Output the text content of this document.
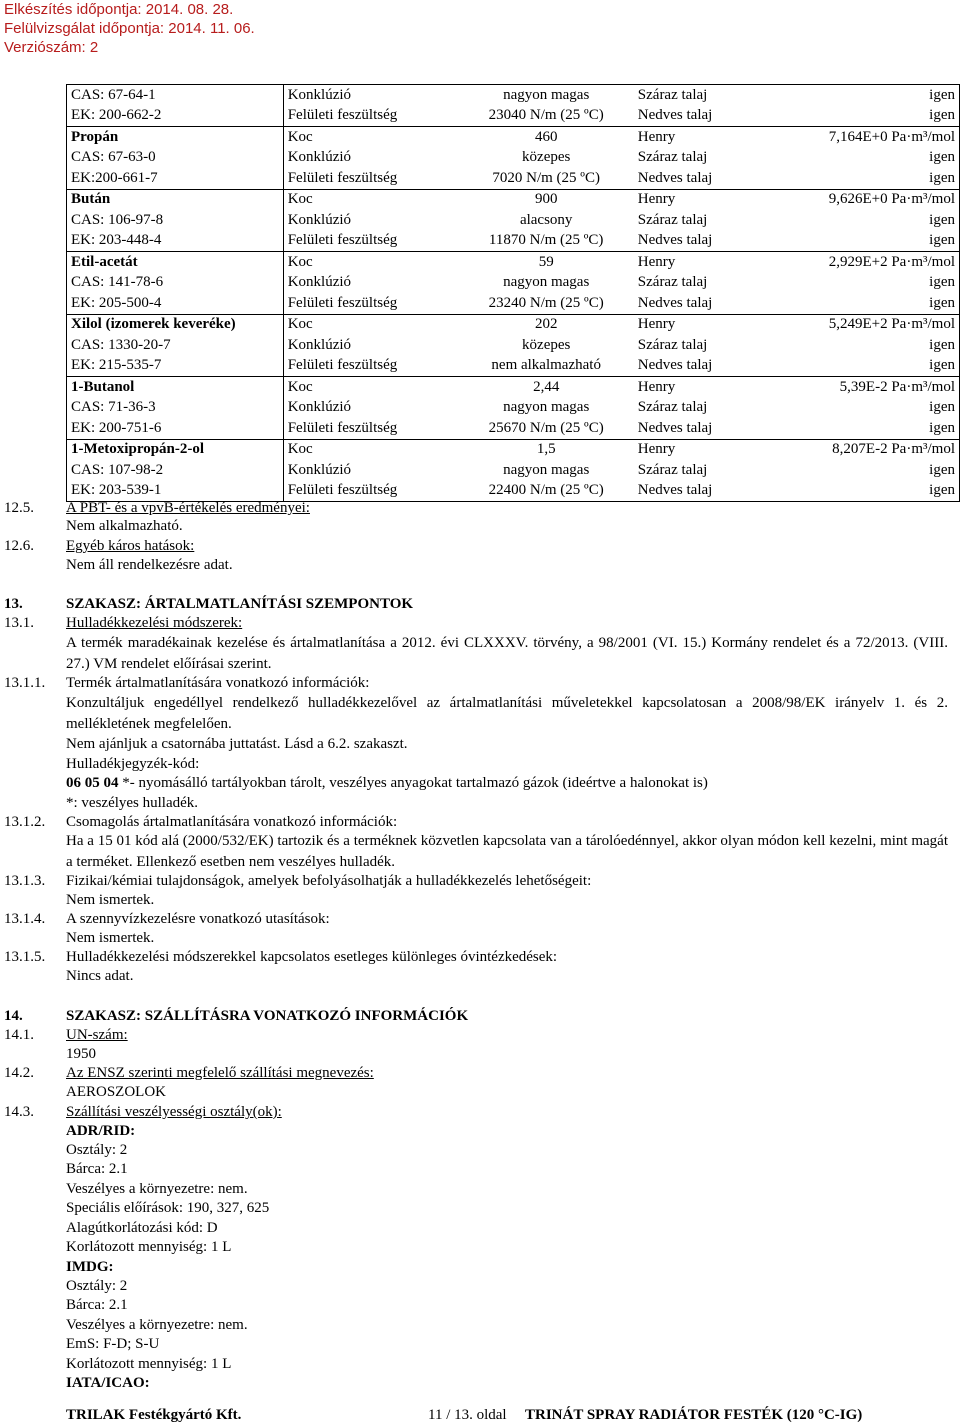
Elkészítés időpontja: 2014. 08. 28.
Felülvizsgálat időpontja: 2014. 11. 06.
Verziószám: 2
CAS: 67-64-1	Konklúzió	nagyon magas	Száraz talaj	igen
EK: 200-662-2	Felületi feszültség	23040 N/m (25 ºC)	Nedves talaj	igen
Propán	Koc	460	Henry	7,164E+0 Pa·m³/mol
CAS: 67-63-0	Konklúzió	közepes	Száraz talaj	igen
EK:200-661-7	Felületi feszültség	7020 N/m (25 ºC)	Nedves talaj	igen
Bután	Koc	900	Henry	9,626E+0 Pa·m³/mol
CAS: 106-97-8	Konklúzió	alacsony	Száraz talaj	igen
EK: 203-448-4	Felületi feszültség	11870 N/m (25 ºC)	Nedves talaj	igen
Etil-acetát	Koc	59	Henry	2,929E+2 Pa·m³/mol
CAS: 141-78-6	Konklúzió	nagyon magas	Száraz talaj	igen
EK: 205-500-4	Felületi feszültség	23240 N/m (25 ºC)	Nedves talaj	igen
Xilol (izomerek keveréke)	Koc	202	Henry	5,249E+2 Pa·m³/mol
CAS: 1330-20-7	Konklúzió	közepes	Száraz talaj	igen
EK: 215-535-7	Felületi feszültség	nem alkalmazható	Nedves talaj	igen
1-Butanol	Koc	2,44	Henry	5,39E-2 Pa·m³/mol
CAS: 71-36-3	Konklúzió	nagyon magas	Száraz talaj	igen
EK: 200-751-6	Felületi feszültség	25670 N/m (25 ºC)	Nedves talaj	igen
1-Metoxipropán-2-ol	Koc	1,5	Henry	8,207E-2 Pa·m³/mol
CAS: 107-98-2	Konklúzió	nagyon magas	Száraz talaj	igen
EK: 203-539-1	Felületi feszültség	22400 N/m (25 ºC)	Nedves talaj	igen
12.5. A PBT- és a vpvB-értékelés eredményei:
Nem alkalmazható.
12.6. Egyéb káros hatások:
Nem áll rendelkezésre adat.
13.	SZAKASZ: ÁRTALMATLANÍTÁSI SZEMPONTOK
13.1. Hulladékkezelési módszerek:
A termék maradékainak kezelése és ártalmatlanítása a 2012. évi CLXXXV. törvény, a 98/2001 (VI. 15.) Kormány rendelet és a 72/2013. (VIII. 27.) VM rendelet előírásai szerint.
13.1.1. Termék ártalmatlanítására vonatkozó információk:
Konzultáljuk engedéllyel rendelkező hulladékkezelővel az ártalmatlanítási műveletekkel kapcsolatosan a 2008/98/EK irányelv 1. és 2. mellékletének megfelelően.
Nem ajánljuk a csatornába juttatást. Lásd a 6.2. szakaszt.
Hulladékjegyzék-kód:
06 05 04 *- nyomásálló tartályokban tárolt, veszélyes anyagokat tartalmazó gázok (ideértve a halonokat is)
*: veszélyes hulladék.
13.1.2. Csomagolás ártalmatlanítására vonatkozó információk:
Ha a 15 01 kód alá (2000/532/EK) tartozik és a terméknek közvetlen kapcsolata van a tárolóedénnyel, akkor olyan módon kell kezelni, mint magát a terméket. Ellenkező esetben nem veszélyes hulladék.
13.1.3. Fizikai/kémiai tulajdonságok, amelyek befolyásolhatják a hulladékkezelés lehetőségeit:
Nem ismertek.
13.1.4. A szennyvízkezelésre vonatkozó utasítások:
Nem ismertek.
13.1.5. Hulladékkezelési módszerekkel kapcsolatos esetleges különleges óvintézkedések:
Nincs adat.
14.	SZAKASZ: SZÁLLÍTÁSRA VONATKOZÓ INFORMÁCIÓK
14.1. UN-szám:
1950
14.2. Az ENSZ szerinti megfelelő szállítási megnevezés:
AEROSZOLOK
14.3. Szállítási veszélyességi osztály(ok):
ADR/RID:
Osztály: 2
Bárca: 2.1
Veszélyes a környezetre: nem.
Speciális előírások: 190, 327, 625
Alagútkorlátozási kód: D
Korlátozott mennyiség: 1 L
IMDG:
Osztály: 2
Bárca: 2.1
Veszélyes a környezetre: nem.
EmS: F-D; S-U
Korlátozott mennyiség: 1 L
IATA/ICAO:
TRILAK Festékgyártó Kft.	11 / 13. oldal TRINÁT SPRAY RADIÁTOR FESTÉK (120 °C-IG)
